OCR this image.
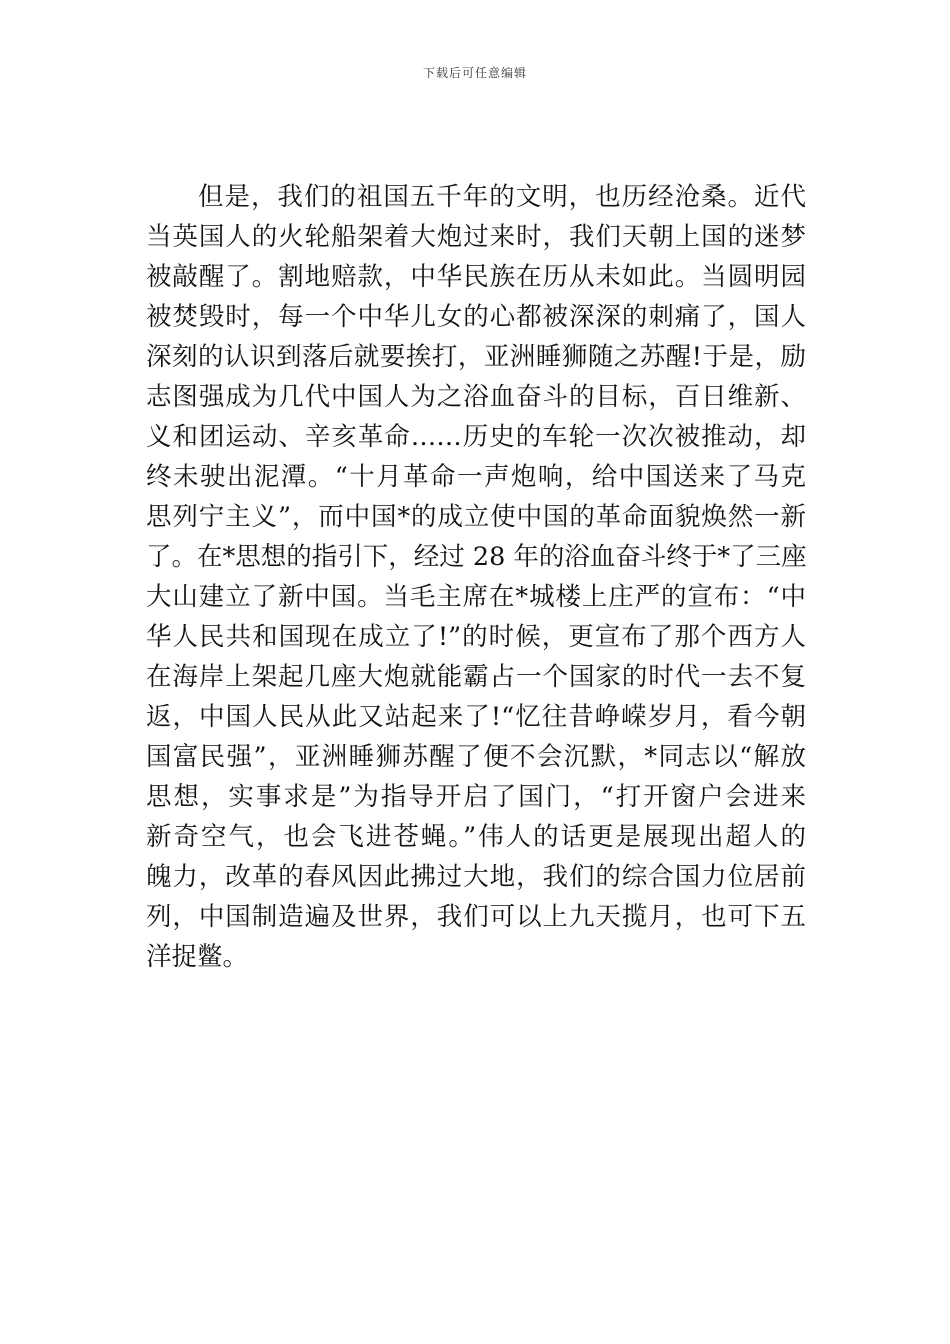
下载后可任意编辑
但是，我们的祖国五千年的文明，也历经沧桑。近代
当英国人的火轮船架着大炮过来时，我们天朝上国的迷梦
被敲醒了。割地赔款，中华民族在历从未如此。当圆明园
被焚毁时，每一个中华儿女的心都被深深的刺痛了，国人
深刻的认识到落后就要挨打，亚洲睡狮随之苏醒!于是，励
志图强成为几代中国人为之浴血奋斗的目标，百日维新、
义和团运动、辛亥革命……历史的车轮一次次被推动，却
终未驶出泥潭。“十月革命一声炮响，给中国送来了马克
思列宁主义”，而中国*的成立使中国的革命面貌焕然一新
了。在*思想的指引下，经过 28 年的浴血奋斗终于*了三座
大山建立了新中国。当毛主席在*城楼上庄严的宣布：“中
华人民共和国现在成立了!”的时候，更宣布了那个西方人
在海岸上架起几座大炮就能霸占一个国家的时代一去不复
返，中国人民从此又站起来了!“忆往昔峥嵘岁月，看今朝
国富民强”，亚洲睡狮苏醒了便不会沉默，*同志以“解放
思想，实事求是”为指导开启了国门，“打开窗户会进来
新奇空气，也会飞进苍蝇。”伟人的话更是展现出超人的
魄力，改革的春风因此拂过大地，我们的综合国力位居前
列，中国制造遍及世界，我们可以上九天揽月，也可下五
洋捉鳖。
